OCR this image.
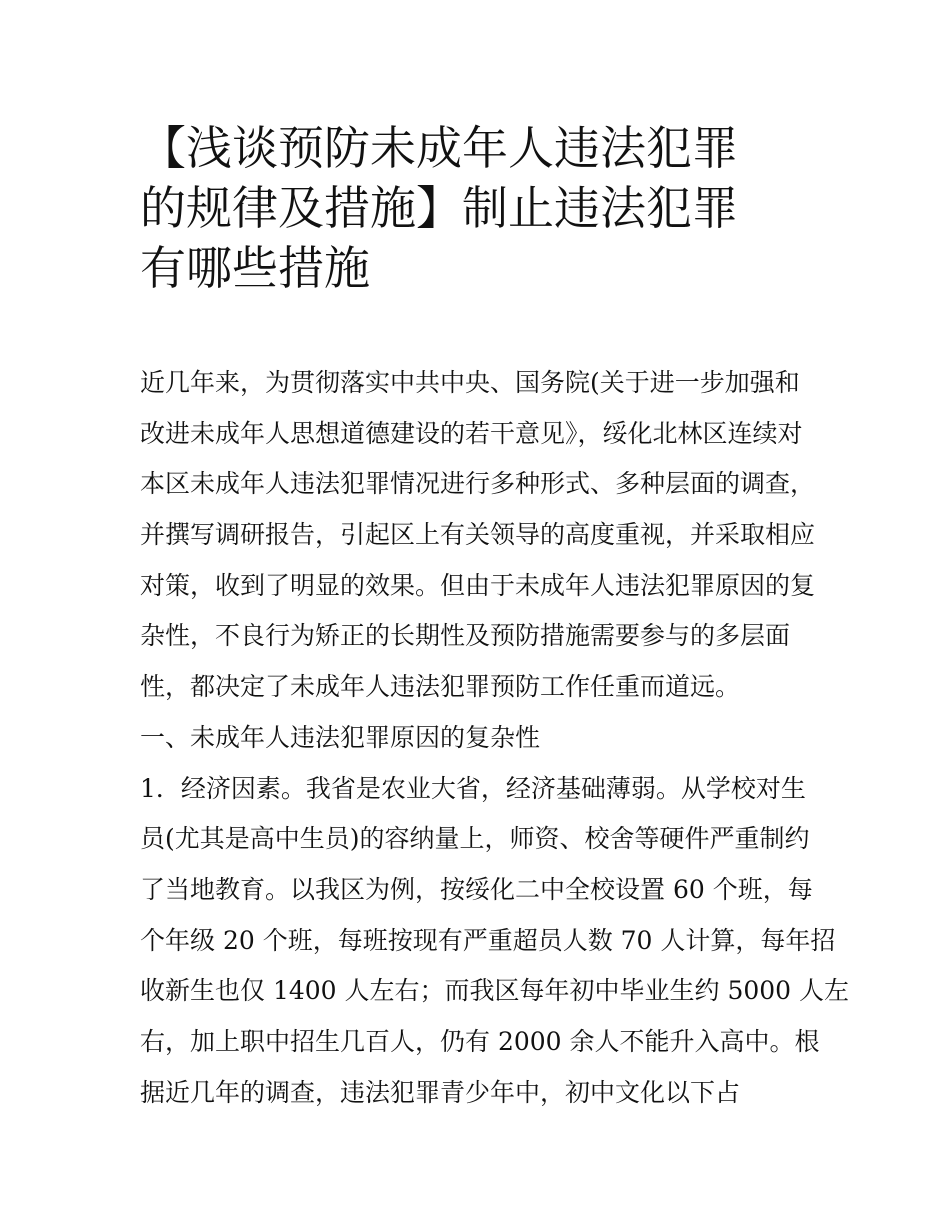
【浅谈预防未成年人违法犯罪
的规律及措施】制止违法犯罪
有哪些措施
近几年来，为贯彻落实中共中央、国务院(关于进一步加强和
改进未成年人思想道德建设的若干意见》，绥化北林区连续对
本区未成年人违法犯罪情况进行多种形式、多种层面的调查，
并撰写调研报告，引起区上有关领导的高度重视，并采取相应
对策，收到了明显的效果。但由于未成年人违法犯罪原因的复
杂性，不良行为矫正的长期性及预防措施需要参与的多层面
性，都决定了未成年人违法犯罪预防工作任重而道远。
一、未成年人违法犯罪原因的复杂性
1．经济因素。我省是农业大省，经济基础薄弱。从学校对生
员(尤其是高中生员)的容纳量上，师资、校舍等硬件严重制约
了当地教育。以我区为例，按绥化二中全校设置 60 个班，每
个年级 20 个班，每班按现有严重超员人数 70 人计算，每年招
收新生也仅 1400 人左右；而我区每年初中毕业生约 5000 人左
右，加上职中招生几百人，仍有 2000 余人不能升入高中。根
据近几年的调查，违法犯罪青少年中，初中文化以下占
